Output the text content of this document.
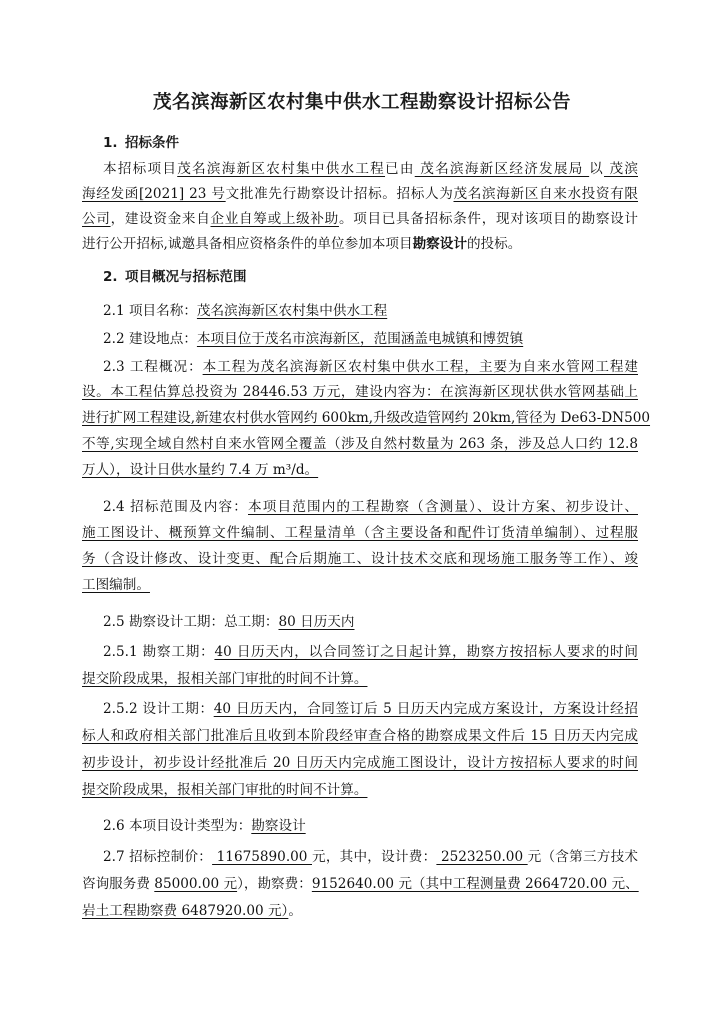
茂名滨海新区农村集中供水工程勘察设计招标公告
1. 招标条件
本招标项目茂名滨海新区农村集中供水工程已由 茂名滨海新区经济发展局 以 茂滨
海经发函[2021] 23 号文批准先行勘察设计招标。招标人为茂名滨海新区自来水投资有限
公司，建设资金来自企业自筹或上级补助。项目已具备招标条件，现对该项目的勘察设计
进行公开招标,诚邀具备相应资格条件的单位参加本项目勘察设计的投标。
2. 项目概况与招标范围
2.1 项目名称：茂名滨海新区农村集中供水工程
2.2 建设地点：本项目位于茂名市滨海新区，范围涵盖电城镇和博贺镇
2.3 工程概况：本工程为茂名滨海新区农村集中供水工程，主要为自来水管网工程建
设。本工程估算总投资为 28446.53 万元，建设内容为：在滨海新区现状供水管网基础上
进行扩网工程建设,新建农村供水管网约 600km,升级改造管网约 20km,管径为 De63-DN500
不等,实现全域自然村自来水管网全覆盖（涉及自然村数量为 263 条，涉及总人口约 12.8
万人），设计日供水量约 7.4 万 m³/d。
2.4 招标范围及内容：本项目范围内的工程勘察（含测量）、设计方案、初步设计、
施工图设计、概预算文件编制、工程量清单（含主要设备和配件订货清单编制）、过程服
务（含设计修改、设计变更、配合后期施工、设计技术交底和现场施工服务等工作）、竣
工图编制。
2.5 勘察设计工期：总工期：80 日历天内
2.5.1 勘察工期：40 日历天内，以合同签订之日起计算，勘察方按招标人要求的时间
提交阶段成果，报相关部门审批的时间不计算。
2.5.2 设计工期：40 日历天内，合同签订后 5 日历天内完成方案设计，方案设计经招
标人和政府相关部门批准后且收到本阶段经审查合格的勘察成果文件后 15 日历天内完成
初步设计，初步设计经批准后 20 日历天内完成施工图设计，设计方按招标人要求的时间
提交阶段成果，报相关部门审批的时间不计算。
2.6 本项目设计类型为：勘察设计
2.7 招标控制价： 11675890.00 元，其中，设计费： 2523250.00 元（含第三方技术
咨询服务费 85000.00 元），勘察费：9152640.00 元（其中工程测量费 2664720.00 元、
岩土工程勘察费 6487920.00 元）。
